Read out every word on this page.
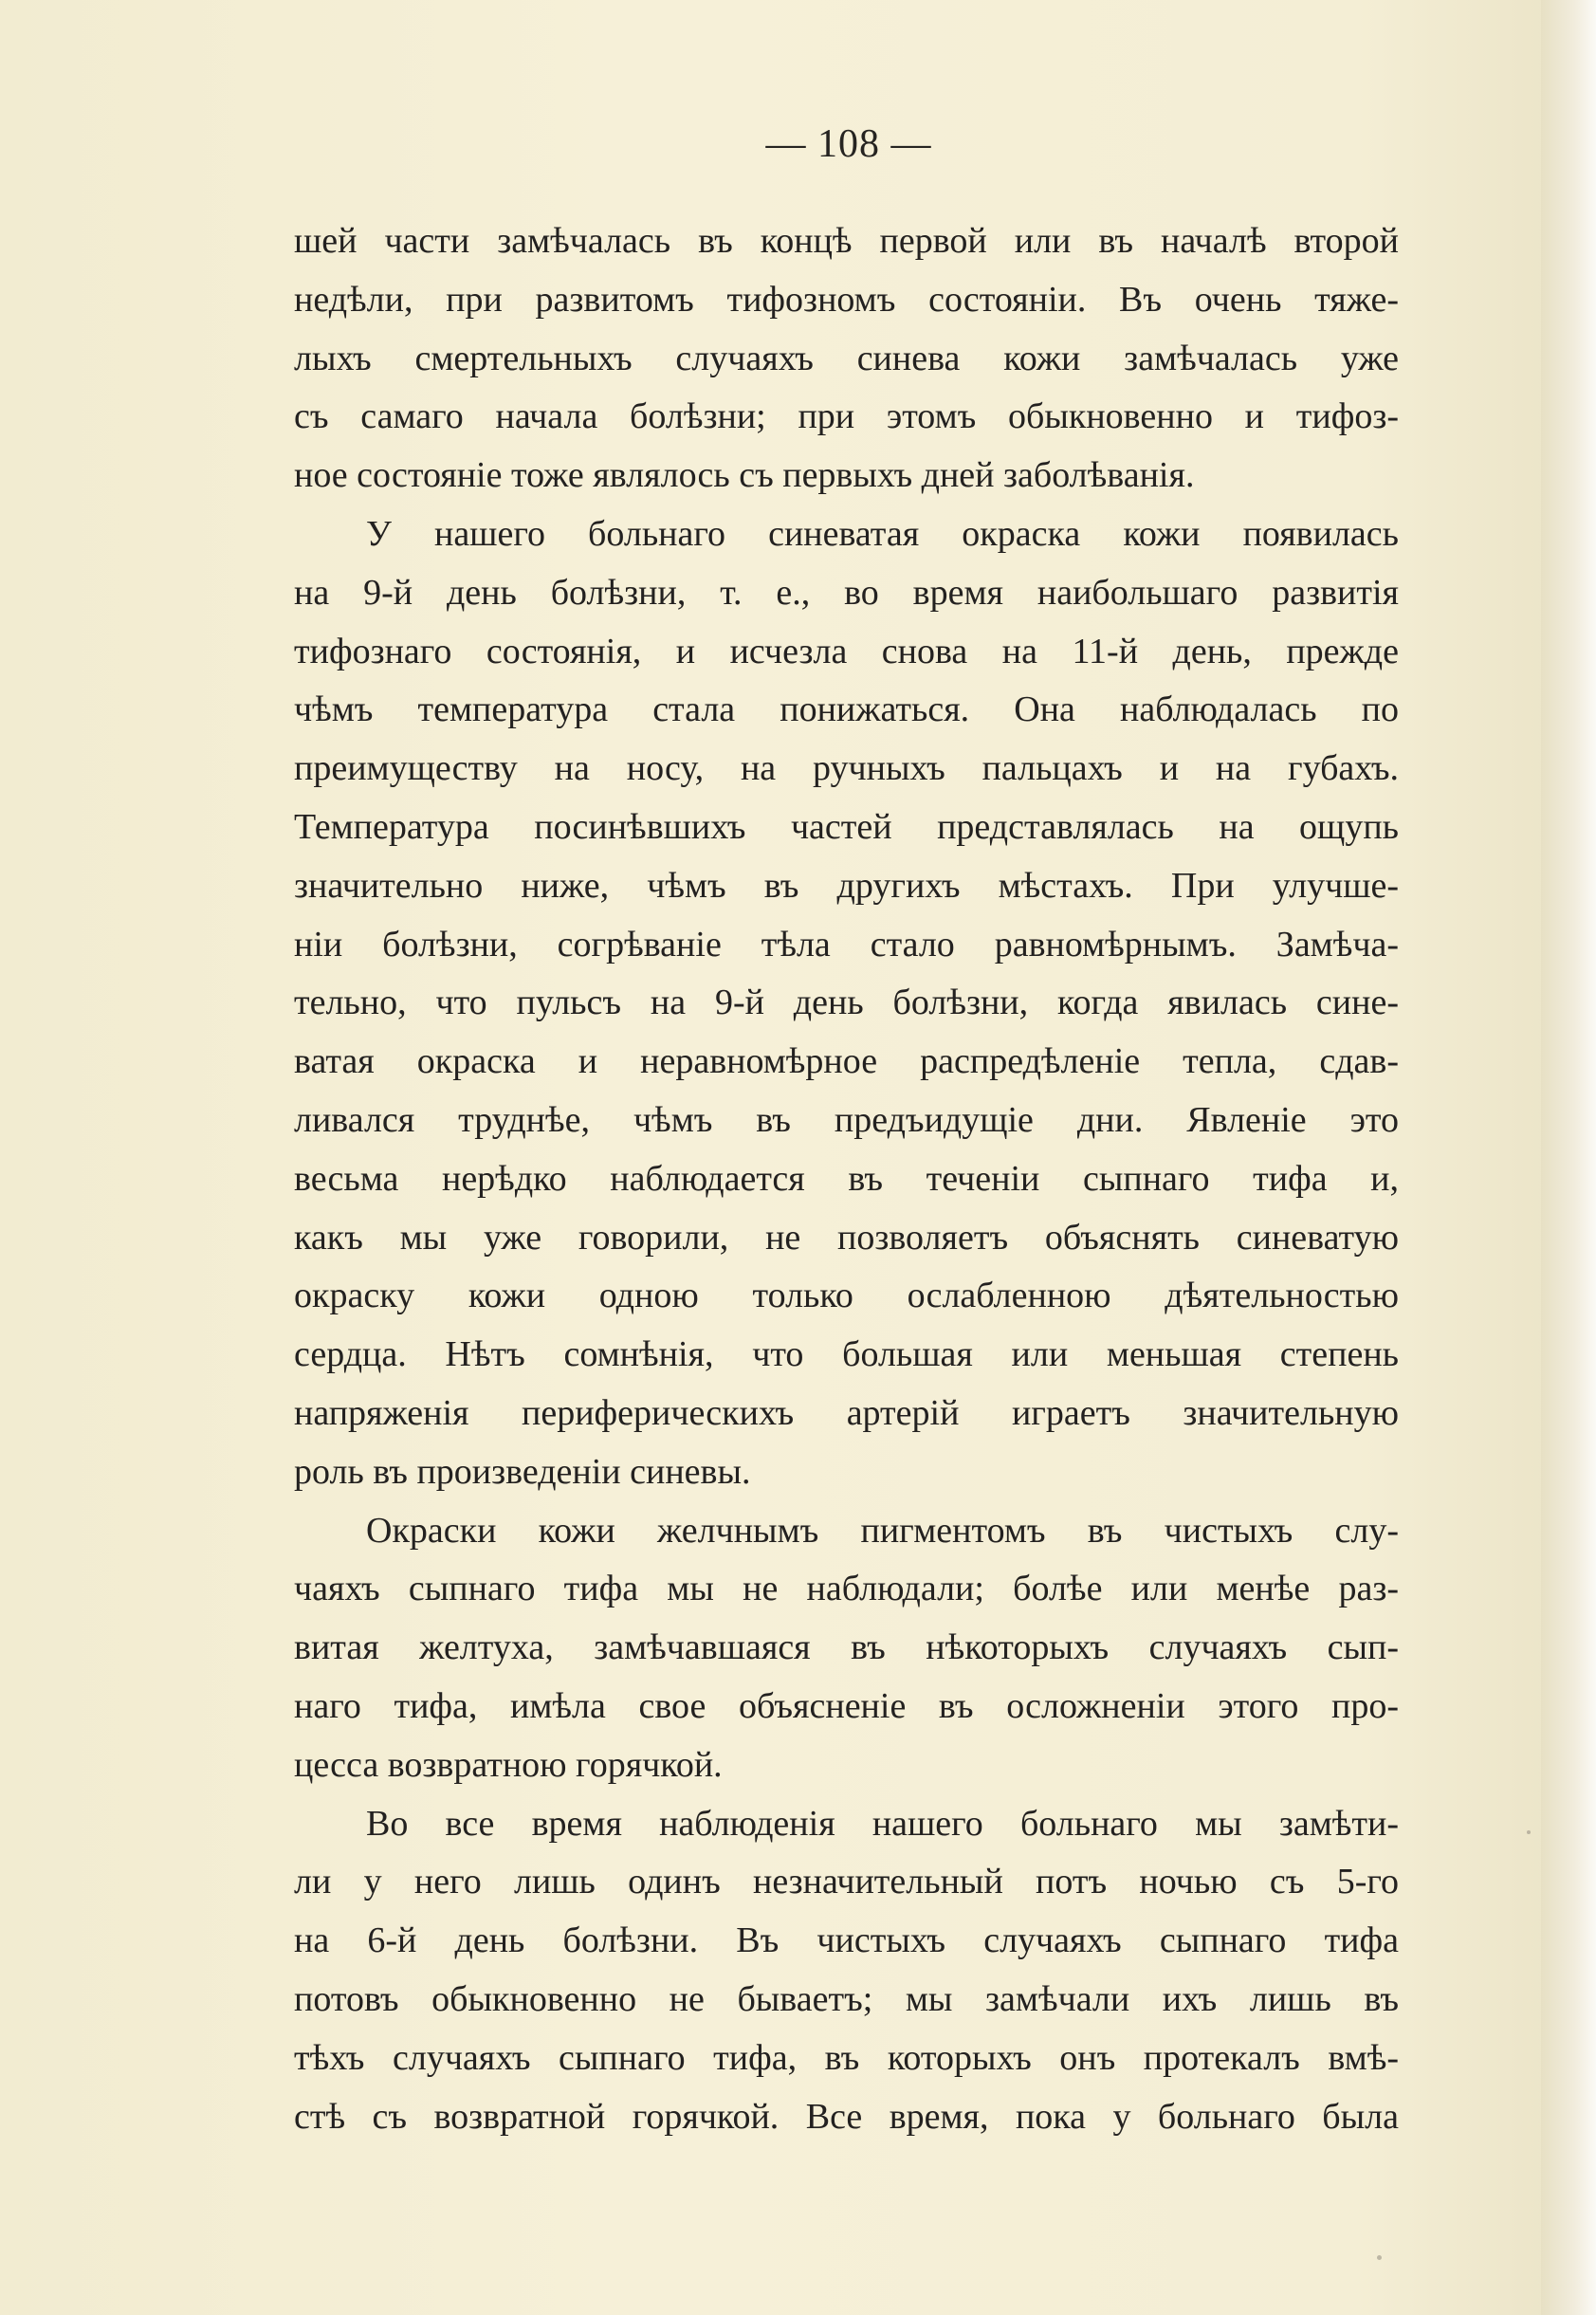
— 108 —
шей части замѣчалась въ концѣ первой или въ началѣ второй
недѣли, при развитомъ тифозномъ состояніи. Въ очень тяже-
лыхъ смертельныхъ случаяхъ синева кожи замѣчалась уже
съ самаго начала болѣзни; при этомъ обыкновенно и тифоз-
ное состояніе тоже являлось съ первыхъ дней заболѣванія.
У нашего больнаго синеватая окраска кожи появилась
на 9-й день болѣзни, т. е., во время наибольшаго развитія
тифознаго состоянія, и исчезла снова на 11-й день, прежде
чѣмъ температура стала понижаться. Она наблюдалась по
преимуществу на носу, на ручныхъ пальцахъ и на губахъ.
Температура посинѣвшихъ частей представлялась на ощупь
значительно ниже, чѣмъ въ другихъ мѣстахъ. При улучше-
ніи болѣзни, согрѣваніе тѣла стало равномѣрнымъ. Замѣча-
тельно, что пульсъ на 9-й день болѣзни, когда явилась сине-
ватая окраска и неравномѣрное распредѣленіе тепла, сдав-
ливался труднѣе, чѣмъ въ предъидущіе дни. Явленіе это
весьма нерѣдко наблюдается въ теченіи сыпнаго тифа и,
какъ мы уже говорили, не позволяетъ объяснять синеватую
окраску кожи одною только ослабленною дѣятельностью
сердца. Нѣтъ сомнѣнія, что большая или меньшая степень
напряженія периферическихъ артерій играетъ значительную
роль въ произведеніи синевы.
Окраски кожи желчнымъ пигментомъ въ чистыхъ слу-
чаяхъ сыпнаго тифа мы не наблюдали; болѣе или менѣе раз-
витая желтуха, замѣчавшаяся въ нѣкоторыхъ случаяхъ сып-
наго тифа, имѣла свое объясненіе въ осложненіи этого про-
цесса возвратною горячкой.
Во все время наблюденія нашего больнаго мы замѣти-
ли у него лишь одинъ незначительный потъ ночью съ 5-го
на 6-й день болѣзни. Въ чистыхъ случаяхъ сыпнаго тифа
потовъ обыкновенно не бываетъ; мы замѣчали ихъ лишь въ
тѣхъ случаяхъ сыпнаго тифа, въ которыхъ онъ протекалъ вмѣ-
стѣ съ возвратной горячкой. Все время, пока у больнаго была
